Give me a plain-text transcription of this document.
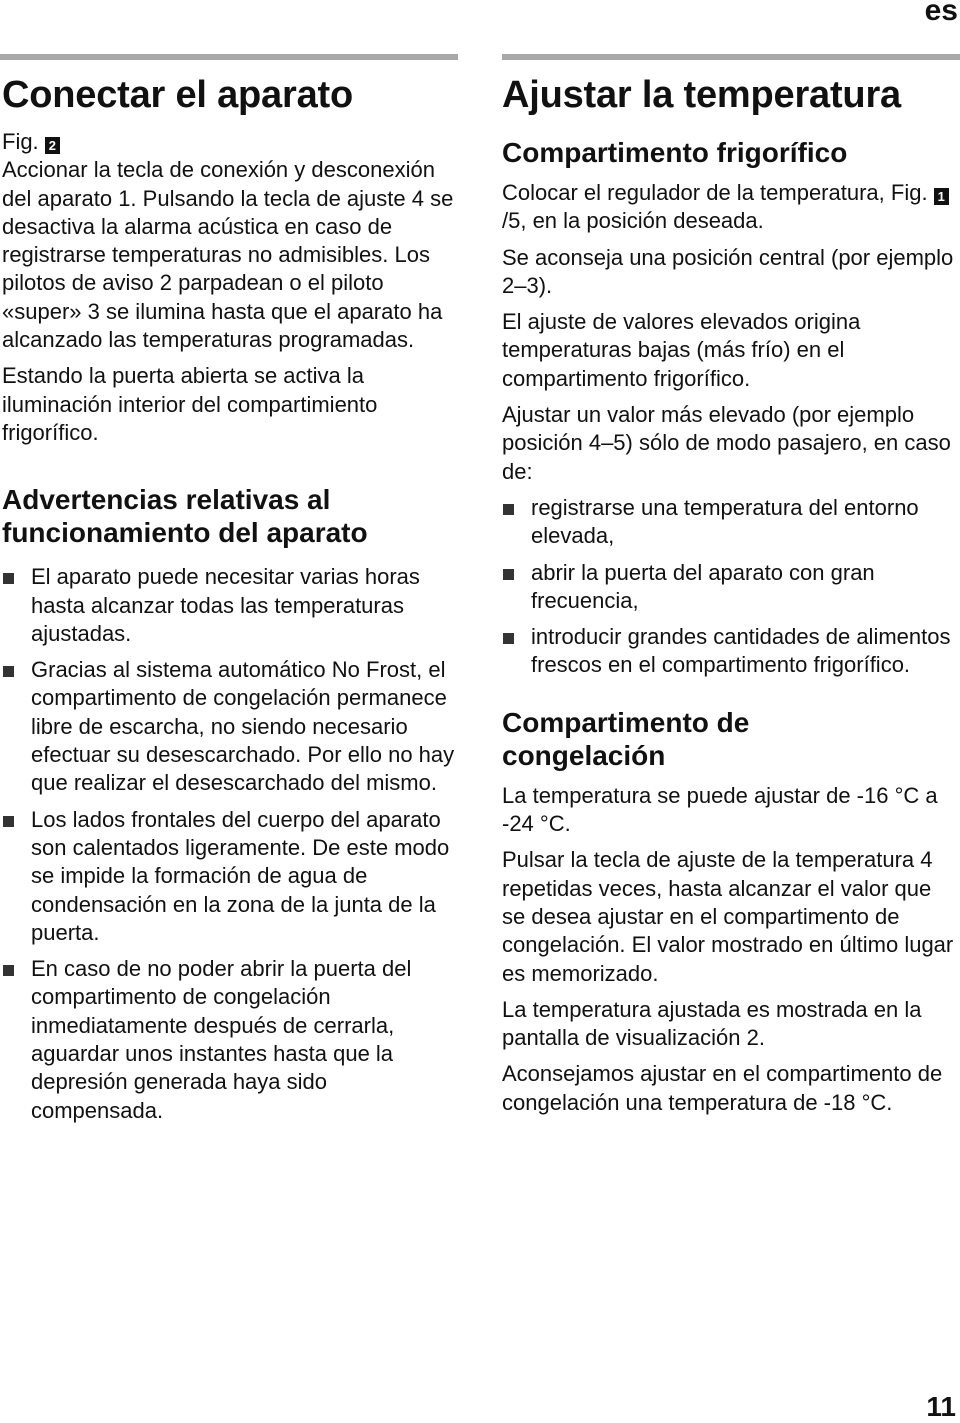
es
Conectar el aparato
Fig. 2

Accionar la tecla de conexión y desconexión del aparato 1. Pulsando la tecla de ajuste 4 se desactiva la alarma acústica en caso de registrarse temperaturas no admisibles. Los pilotos de aviso 2 parpadean o el piloto «super» 3 se ilumina hasta que el aparato ha alcanzado las temperaturas programadas.

Estando la puerta abierta se activa la iluminación interior del compartimiento frigorífico.

Advertencias relativas al funcionamiento del aparato
El aparato puede necesitar varias horas hasta alcanzar todas las temperaturas ajustadas.
Gracias al sistema automático No Frost, el compartimento de congelación permanece libre de escarcha, no siendo necesario efectuar su desescarchado. Por ello no hay que realizar el desescarchado del mismo.
Los lados frontales del cuerpo del aparato son calentados ligeramente. De este modo se impide la formación de agua de condensación en la zona de la junta de la puerta.
En caso de no poder abrir la puerta del compartimento de congelación inmediatamente después de cerrarla, aguardar unos instantes hasta que la depresión generada haya sido compensada.
Ajustar la temperatura
Compartimento frigorífico

Colocar el regulador de la temperatura, Fig. 1/5, en la posición deseada.

Se aconseja una posición central (por ejemplo 2–3).

El ajuste de valores elevados origina temperaturas bajas (más frío) en el compartimento frigorífico.

Ajustar un valor más elevado (por ejemplo posición 4–5) sólo de modo pasajero, en caso de:

registrarse una temperatura del entorno elevada,
abrir la puerta del aparato con gran frecuencia,
introducir grandes cantidades de alimentos frescos en el compartimento frigorífico.
Compartimento de congelación

La temperatura se puede ajustar de -16 °C a -24 °C.

Pulsar la tecla de ajuste de la temperatura 4 repetidas veces, hasta alcanzar el valor que se desea ajustar en el compartimento de congelación. El valor mostrado en último lugar es memorizado.

La temperatura ajustada es mostrada en la pantalla de visualización 2.

Aconsejamos ajustar en el compartimento de congelación una temperatura de -18 °C.

11
